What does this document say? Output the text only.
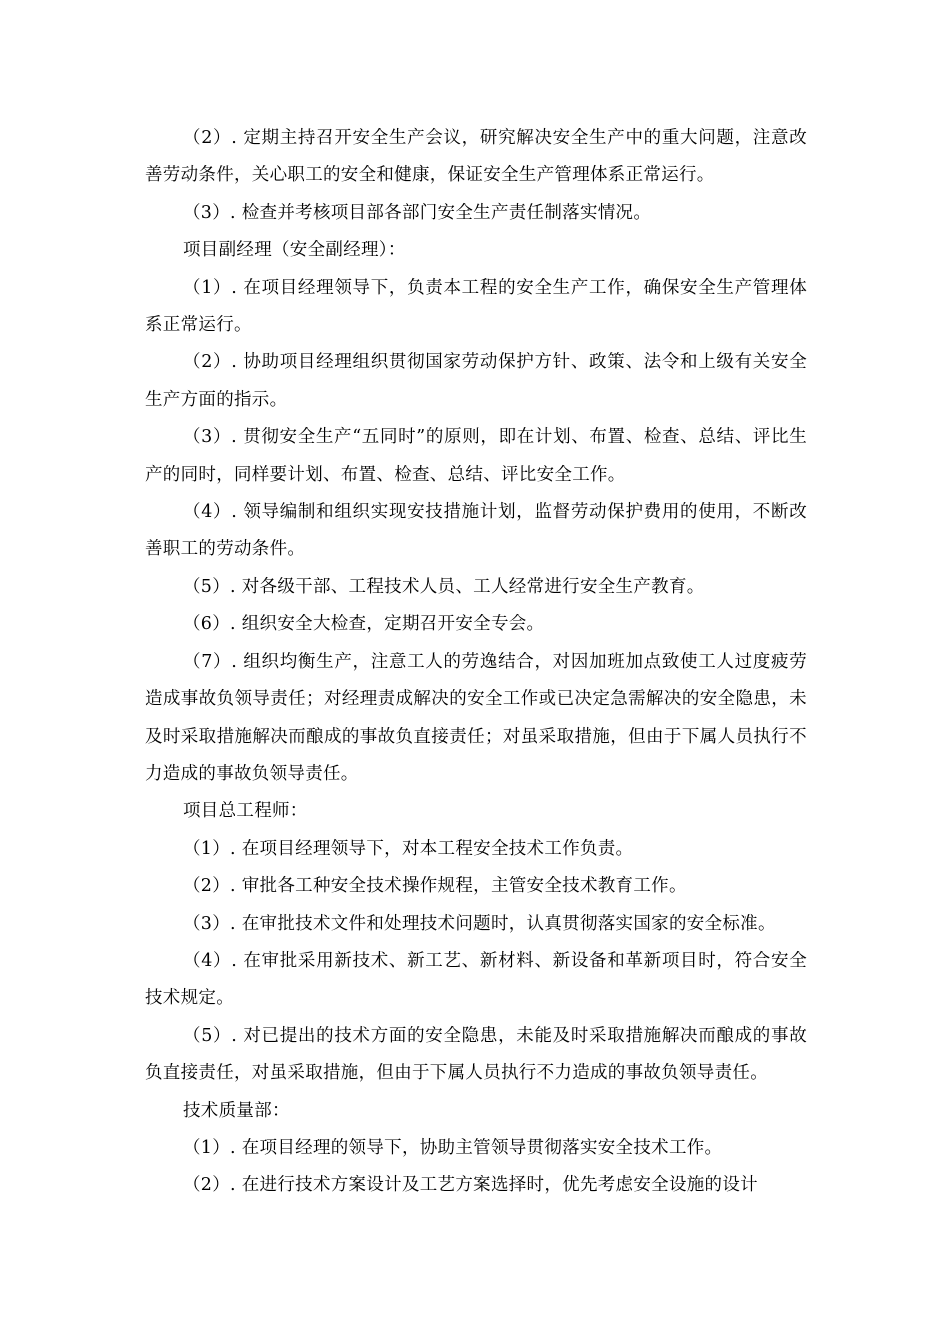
（2）. 定期主持召开安全生产会议，研究解决安全生产中的重大问题，注意改善劳动条件，关心职工的安全和健康，保证安全生产管理体系正常运行。

（3）. 检查并考核项目部各部门安全生产责任制落实情况。

项目副经理（安全副经理）：

（1）. 在项目经理领导下，负责本工程的安全生产工作，确保安全生产管理体系正常运行。

（2）. 协助项目经理组织贯彻国家劳动保护方针、政策、法令和上级有关安全生产方面的指示。

（3）. 贯彻安全生产“五同时”的原则，即在计划、布置、检查、总结、评比生产的同时，同样要计划、布置、检查、总结、评比安全工作。

（4）. 领导编制和组织实现安技措施计划，监督劳动保护费用的使用，不断改善职工的劳动条件。

（5）. 对各级干部、工程技术人员、工人经常进行安全生产教育。

（6）. 组织安全大检查，定期召开安全专会。

（7）. 组织均衡生产，注意工人的劳逸结合，对因加班加点致使工人过度疲劳造成事故负领导责任；对经理责成解决的安全工作或已决定急需解决的安全隐患，未及时采取措施解决而酿成的事故负直接责任；对虽采取措施，但由于下属人员执行不力造成的事故负领导责任。

项目总工程师：

（1）. 在项目经理领导下，对本工程安全技术工作负责。

（2）. 审批各工种安全技术操作规程，主管安全技术教育工作。

（3）. 在审批技术文件和处理技术问题时，认真贯彻落实国家的安全标准。

（4）. 在审批采用新技术、新工艺、新材料、新设备和革新项目时，符合安全技术规定。

（5）. 对已提出的技术方面的安全隐患，未能及时采取措施解决而酿成的事故负直接责任，对虽采取措施，但由于下属人员执行不力造成的事故负领导责任。

技术质量部：

（1）. 在项目经理的领导下，协助主管领导贯彻落实安全技术工作。

（2）. 在进行技术方案设计及工艺方案选择时，优先考虑安全设施的设计
